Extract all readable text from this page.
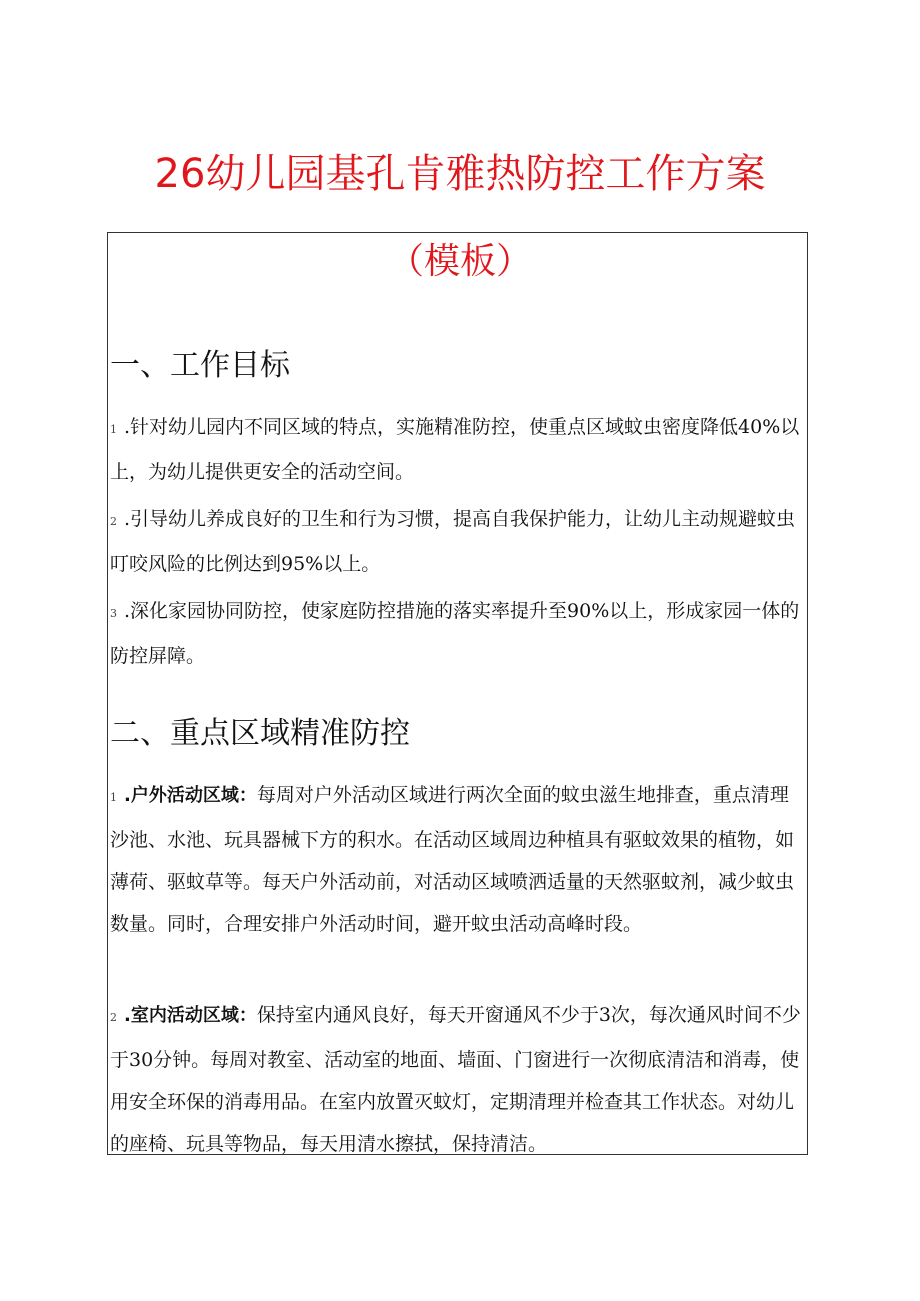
26幼儿园基孔肯雅热防控工作方案
（模板）
一、工作目标

1 .针对幼儿园内不同区域的特点，实施精准防控，使重点区域蚊虫密度降低40%以上，为幼儿提供更安全的活动空间。

2 .引导幼儿养成良好的卫生和行为习惯，提高自我保护能力，让幼儿主动规避蚊虫叮咬风险的比例达到95%以上。

3 .深化家园协同防控，使家庭防控措施的落实率提升至90%以上，形成家园一体的防控屏障。

二、重点区域精准防控

1 .户外活动区域：每周对户外活动区域进行两次全面的蚊虫滋生地排查，重点清理沙池、水池、玩具器械下方的积水。在活动区域周边种植具有驱蚊效果的植物，如薄荷、驱蚊草等。每天户外活动前，对活动区域喷洒适量的天然驱蚊剂，减少蚊虫数量。同时，合理安排户外活动时间，避开蚊虫活动高峰时段。

2 .室内活动区域：保持室内通风良好，每天开窗通风不少于3次，每次通风时间不少于30分钟。每周对教室、活动室的地面、墙面、门窗进行一次彻底清洁和消毒，使用安全环保的消毒用品。在室内放置灭蚊灯，定期清理并检查其工作状态。对幼儿的座椅、玩具等物品，每天用清水擦拭，保持清洁。
